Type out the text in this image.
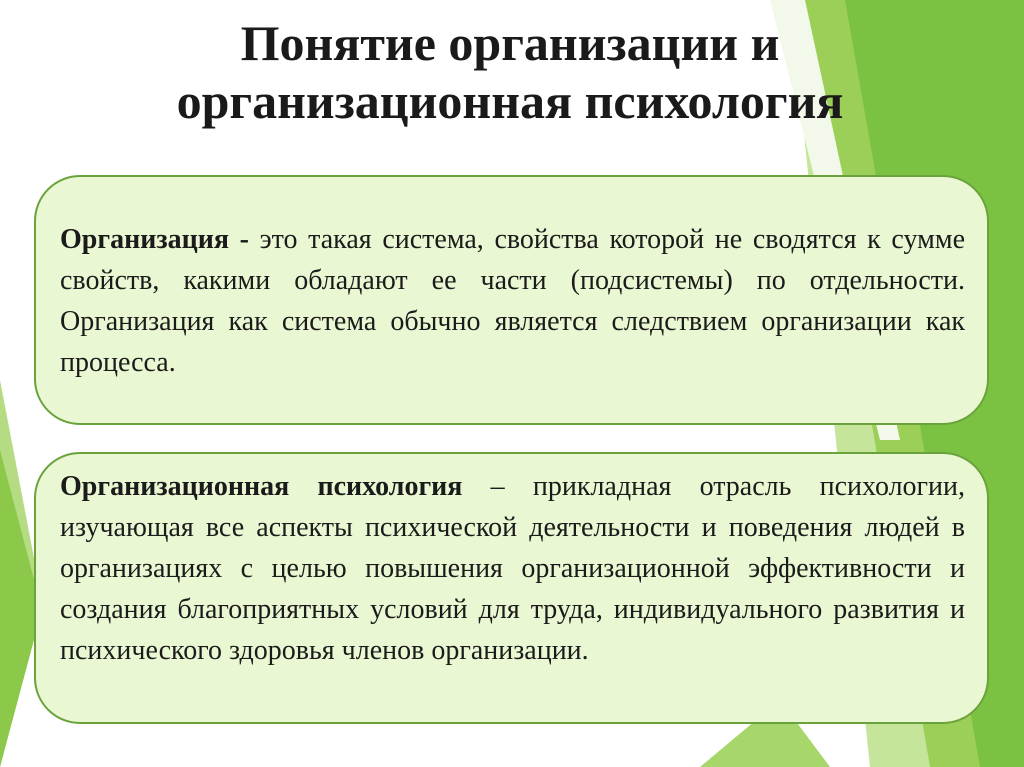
Понятие организации и
организационная психология
Организация - это такая система, свойства которой не сводятся к сумме свойств, какими обладают ее части (подсистемы) по отдельности. Организация как система обычно является следствием организации как процесса.
Организационная психология – прикладная отрасль психологии, изучающая все аспекты психической деятельности и поведения людей в организациях с целью повышения организационной эффективности и создания благоприятных условий для труда, индивидуального развития и психического здоровья членов организации.
